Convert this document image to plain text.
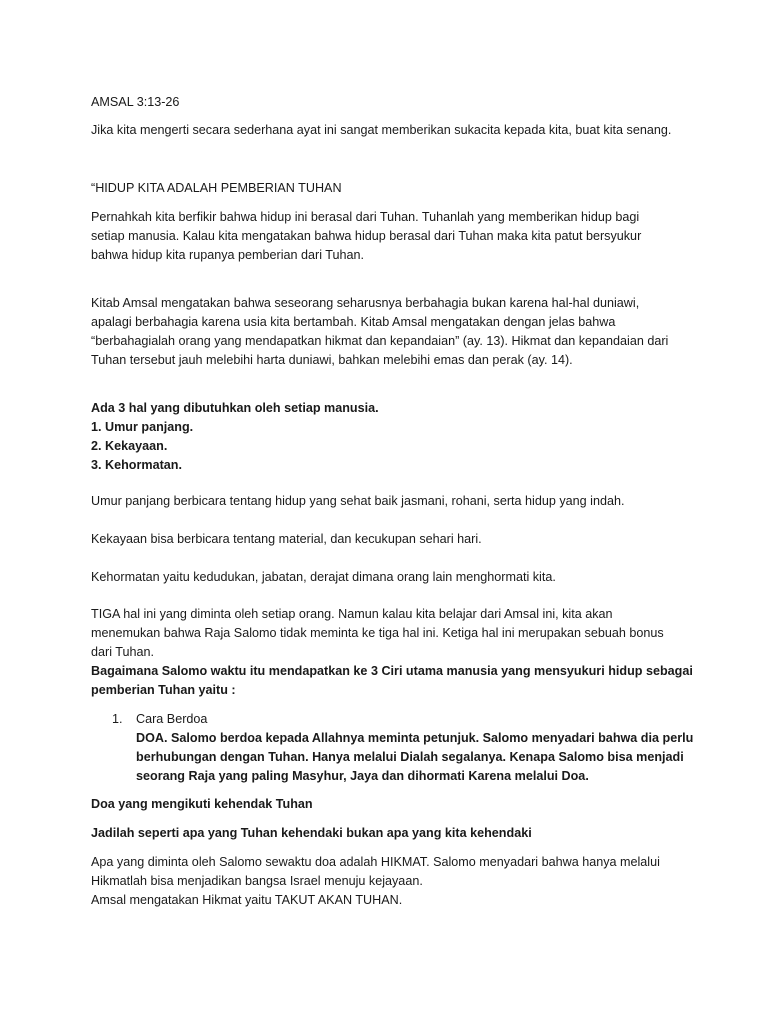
AMSAL 3:13-26

Jika kita mengerti secara sederhana ayat ini sangat memberikan sukacita kepada kita, buat kita senang.

“HIDUP KITA ADALAH PEMBERIAN TUHAN

Pernahkah kita berfikir bahwa hidup ini berasal dari Tuhan. Tuhanlah yang memberikan hidup bagi

setiap manusia. Kalau kita mengatakan bahwa hidup berasal dari Tuhan maka kita patut bersyukur

bahwa hidup kita rupanya pemberian dari Tuhan.

Kitab Amsal mengatakan bahwa seseorang seharusnya berbahagia bukan karena hal-hal duniawi,

apalagi berbahagia karena usia kita bertambah. Kitab Amsal mengatakan dengan jelas bahwa

“berbahagialah orang yang mendapatkan hikmat dan kepandaian” (ay. 13). Hikmat dan kepandaian dari

Tuhan tersebut jauh melebihi harta duniawi, bahkan melebihi emas dan perak (ay. 14).

Ada 3 hal yang dibutuhkan oleh setiap manusia.

1. Umur panjang.

2. Kekayaan.

3. Kehormatan.

Umur panjang berbicara tentang hidup yang sehat baik jasmani, rohani, serta hidup yang indah.

Kekayaan bisa berbicara tentang material, dan kecukupan sehari hari.

Kehormatan yaitu kedudukan, jabatan, derajat dimana orang lain menghormati kita.

TIGA hal ini yang diminta oleh setiap orang. Namun kalau kita belajar dari Amsal ini, kita akan

menemukan bahwa Raja Salomo tidak meminta ke tiga hal ini. Ketiga hal ini merupakan sebuah bonus

dari Tuhan.

Bagaimana Salomo waktu itu mendapatkan ke 3 Ciri utama manusia yang mensyukuri hidup sebagai

pemberian Tuhan yaitu :

1. Cara Berdoa

DOA. Salomo berdoa kepada Allahnya meminta petunjuk. Salomo menyadari bahwa dia perlu

berhubungan dengan Tuhan. Hanya melalui Dialah segalanya. Kenapa Salomo bisa menjadi

seorang Raja yang paling Masyhur, Jaya dan dihormati Karena melalui Doa.

Doa yang mengikuti kehendak Tuhan

Jadilah seperti apa yang Tuhan kehendaki bukan apa yang kita kehendaki

Apa yang diminta oleh Salomo sewaktu doa adalah HIKMAT. Salomo menyadari bahwa hanya melalui

Hikmatlah bisa menjadikan bangsa Israel menuju kejayaan.

Amsal mengatakan Hikmat yaitu TAKUT AKAN TUHAN.
